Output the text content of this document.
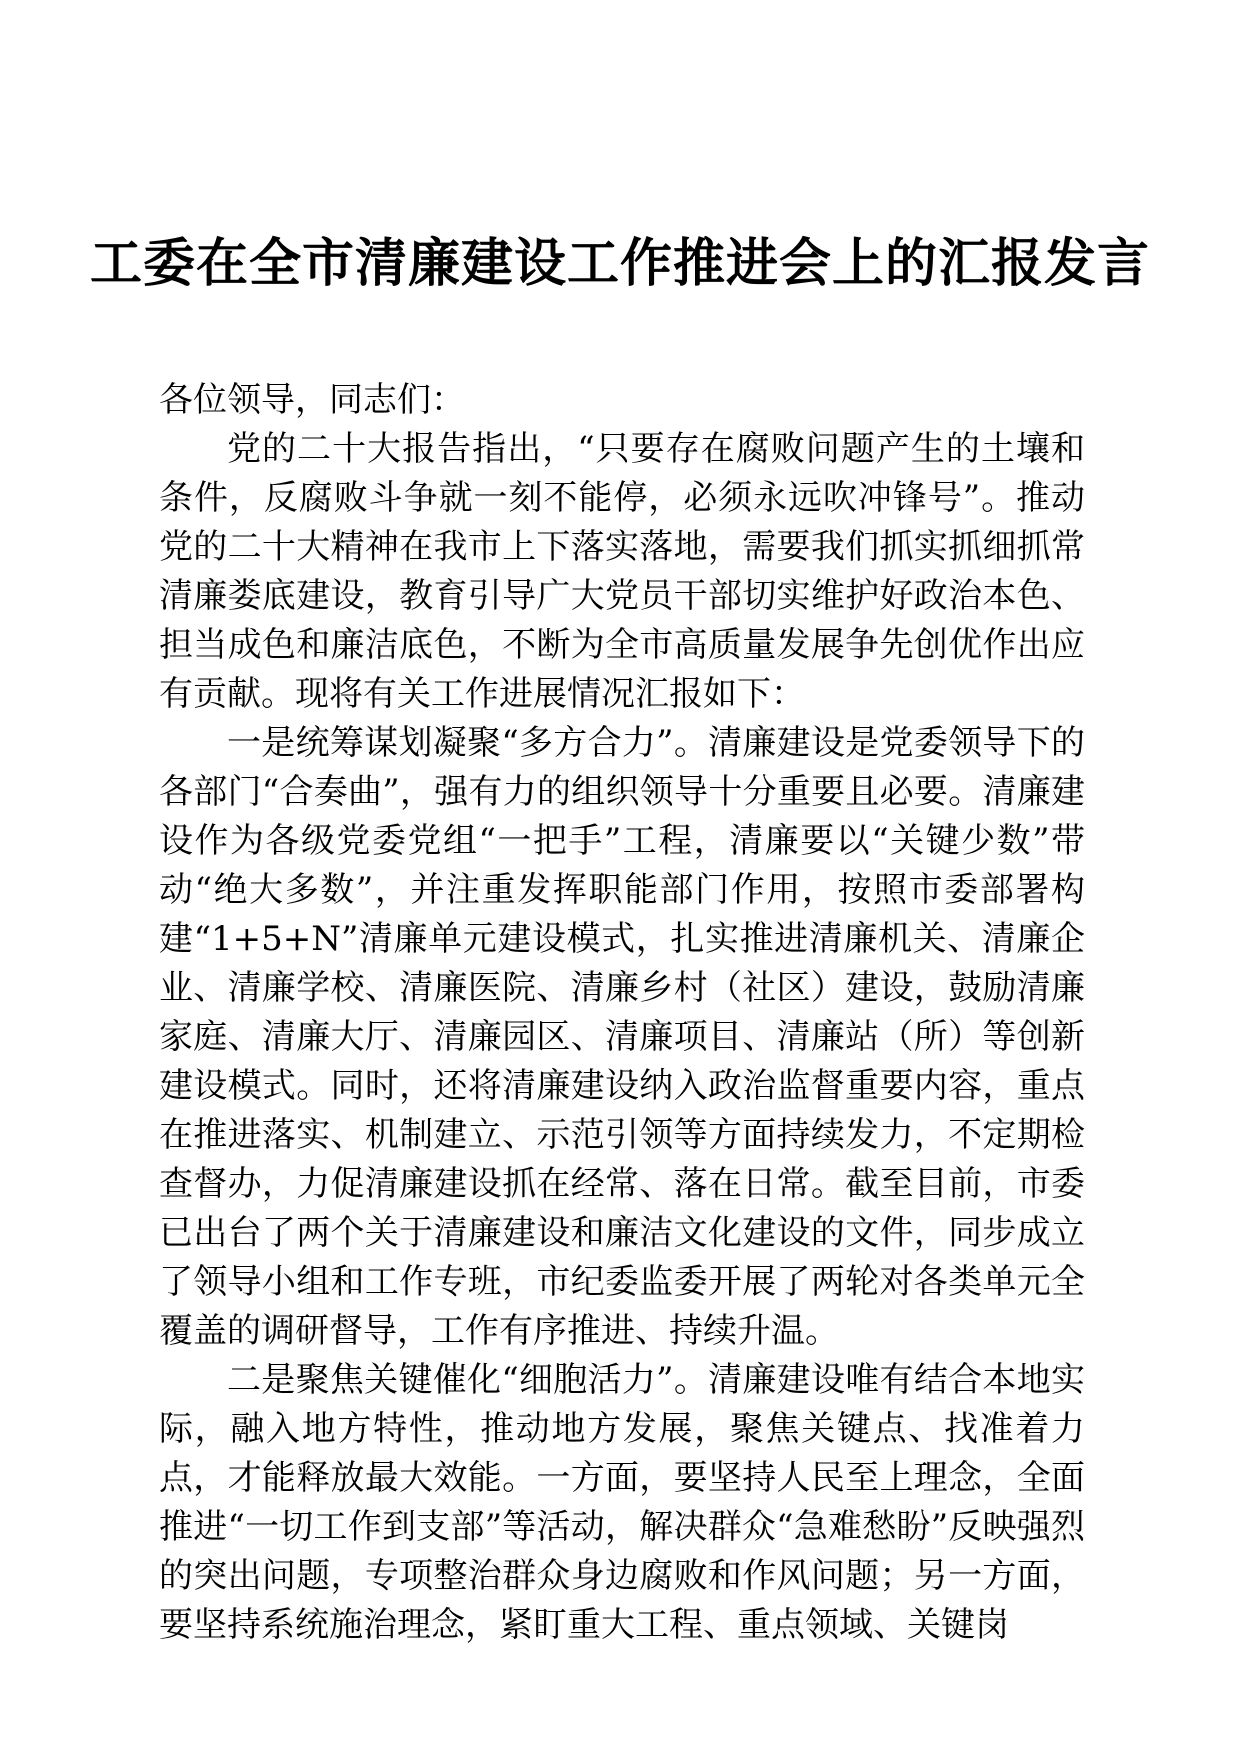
工委在全市清廉建设工作推进会上的汇报发言

各位领导，同志们：

党的二十大报告指出，“只要存在腐败问题产生的土壤和条件，反腐败斗争就一刻不能停，必须永远吹冲锋号”。推动党的二十大精神在我市上下落实落地，需要我们抓实抓细抓常清廉娄底建设，教育引导广大党员干部切实维护好政治本色、担当成色和廉洁底色，不断为全市高质量发展争先创优作出应有贡献。现将有关工作进展情况汇报如下：

一是统筹谋划凝聚“多方合力”。清廉建设是党委领导下的各部门“合奏曲”，强有力的组织领导十分重要且必要。清廉建设作为各级党委党组“一把手”工程，清廉要以“关键少数”带动“绝大多数”，并注重发挥职能部门作用，按照市委部署构建“1+5+N”清廉单元建设模式，扎实推进清廉机关、清廉企业、清廉学校、清廉医院、清廉乡村（社区）建设，鼓励清廉家庭、清廉大厅、清廉园区、清廉项目、清廉站（所）等创新建设模式。同时，还将清廉建设纳入政治监督重要内容，重点在推进落实、机制建立、示范引领等方面持续发力，不定期检查督办，力促清廉建设抓在经常、落在日常。截至目前，市委已出台了两个关于清廉建设和廉洁文化建设的文件，同步成立了领导小组和工作专班，市纪委监委开展了两轮对各类单元全覆盖的调研督导，工作有序推进、持续升温。

二是聚焦关键催化“细胞活力”。清廉建设唯有结合本地实际，融入地方特性，推动地方发展，聚焦关键点、找准着力点，才能释放最大效能。一方面，要坚持人民至上理念，全面推进“一切工作到支部”等活动，解决群众“急难愁盼”反映强烈的突出问题，专项整治群众身边腐败和作风问题；另一方面，要坚持系统施治理念，紧盯重大工程、重点领域、关键岗
